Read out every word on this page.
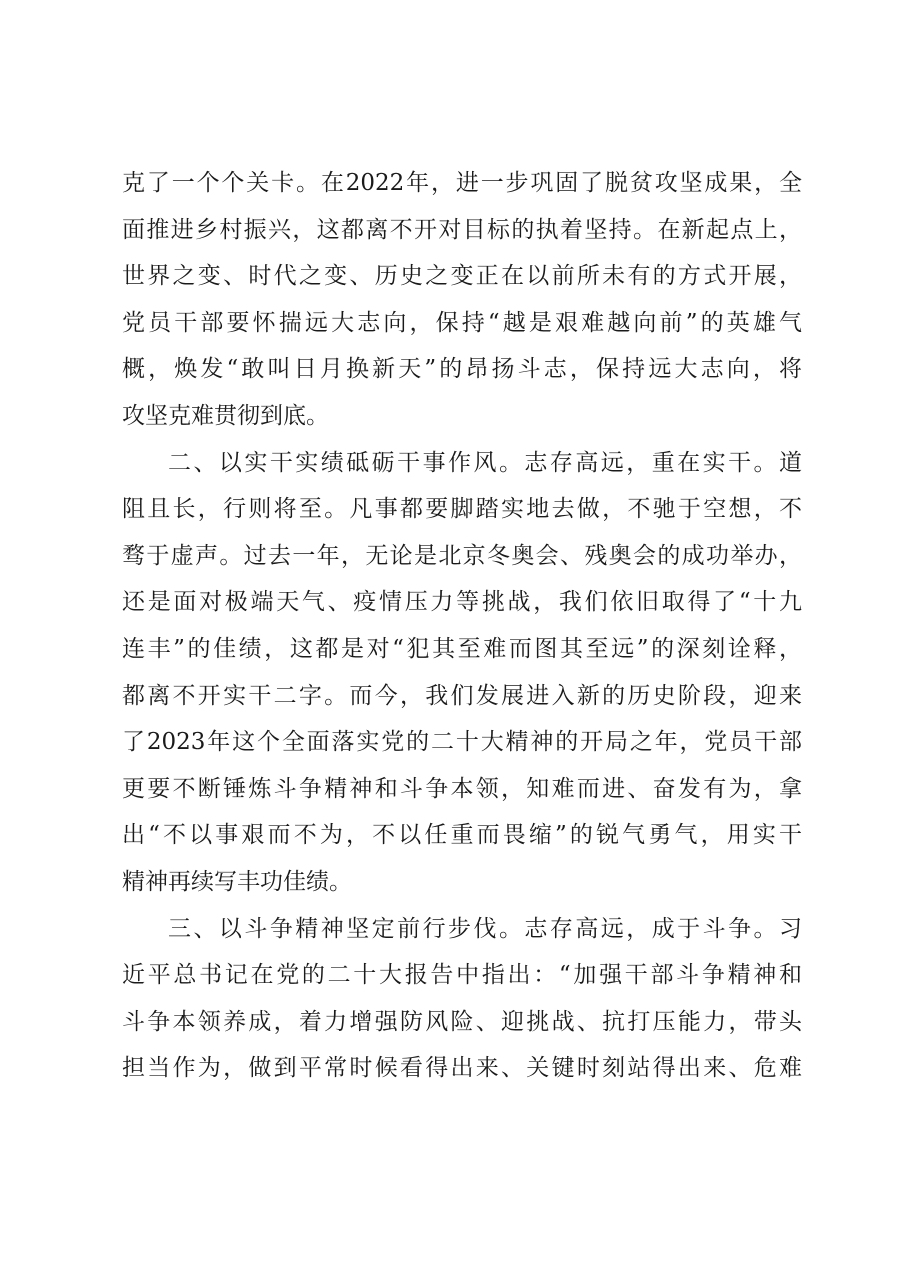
克了一个个关卡。在2022年，进一步巩固了脱贫攻坚成果，全
面推进乡村振兴，这都离不开对目标的执着坚持。在新起点上，
世界之变、时代之变、历史之变正在以前所未有的方式开展，
党员干部要怀揣远大志向，保持“越是艰难越向前”的英雄气
概，焕发“敢叫日月换新天”的昂扬斗志，保持远大志向，将
攻坚克难贯彻到底。
二、以实干实绩砥砺干事作风。志存高远，重在实干。道
阻且长，行则将至。凡事都要脚踏实地去做，不驰于空想，不
骛于虚声。过去一年，无论是北京冬奥会、残奥会的成功举办，
还是面对极端天气、疫情压力等挑战，我们依旧取得了“十九
连丰”的佳绩，这都是对“犯其至难而图其至远”的深刻诠释，
都离不开实干二字。而今，我们发展进入新的历史阶段，迎来
了2023年这个全面落实党的二十大精神的开局之年，党员干部
更要不断锤炼斗争精神和斗争本领，知难而进、奋发有为，拿
出“不以事艰而不为，不以任重而畏缩”的锐气勇气，用实干
精神再续写丰功佳绩。
三、以斗争精神坚定前行步伐。志存高远，成于斗争。习
近平总书记在党的二十大报告中指出：“加强干部斗争精神和
斗争本领养成，着力增强防风险、迎挑战、抗打压能力，带头
担当作为，做到平常时候看得出来、关键时刻站得出来、危难
